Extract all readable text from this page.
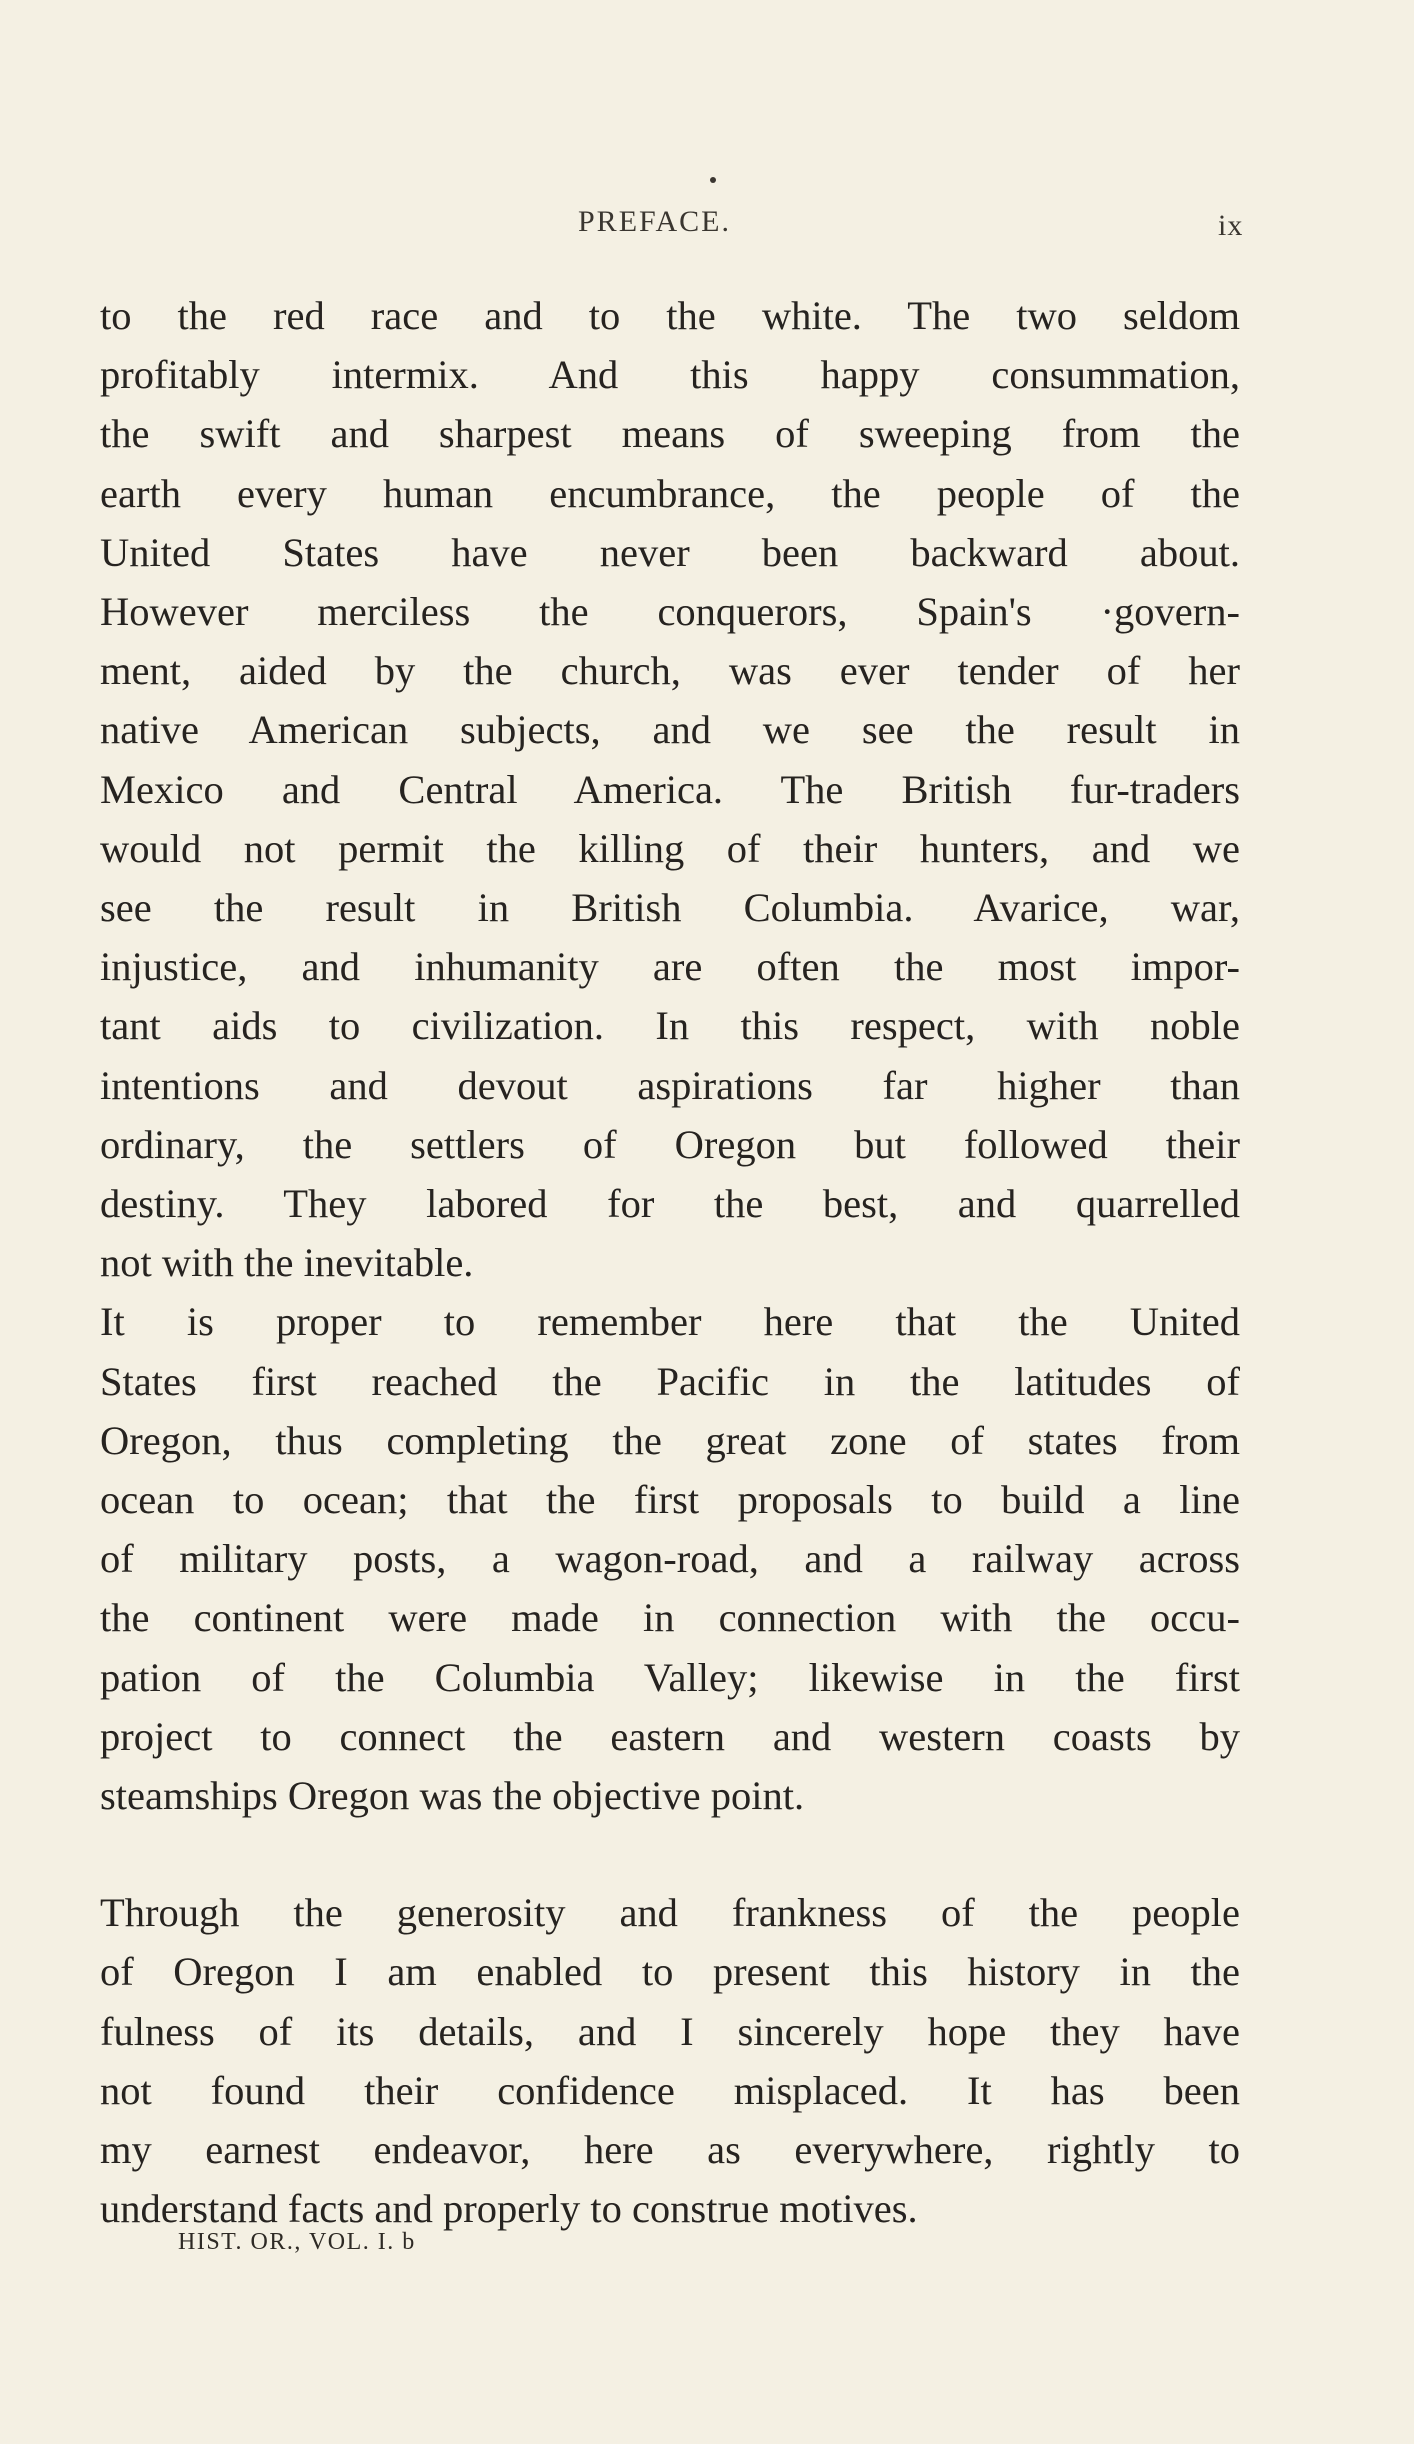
PREFACE.	ix

to the red race and to the white. The two seldom
profitably intermix. And this happy consummation,
the swift and sharpest means of sweeping from the
earth every human encumbrance, the people of the
United States have never been backward about.
However merciless the conquerors, Spain's ·govern-
ment, aided by the church, was ever tender of her
native American subjects, and we see the result in
Mexico and Central America. The British fur-traders
would not permit the killing of their hunters, and we
see the result in British Columbia. Avarice, war,
injustice, and inhumanity are often the most impor-
tant aids to civilization. In this respect, with noble
intentions and devout aspirations far higher than
ordinary, the settlers of Oregon but followed their
destiny. They labored for the best, and quarrelled
not with the inevitable.

It is proper to remember here that the United
States first reached the Pacific in the latitudes of
Oregon, thus completing the great zone of states from
ocean to ocean; that the first proposals to build a line
of military posts, a wagon-road, and a railway across
the continent were made in connection with the occu-
pation of the Columbia Valley; likewise in the first
project to connect the eastern and western coasts by
steamships Oregon was the objective point.

Through the generosity and frankness of the people
of Oregon I am enabled to present this history in the
fulness of its details, and I sincerely hope they have
not found their confidence misplaced. It has been
my earnest endeavor, here as everywhere, rightly to
understand facts and properly to construe motives.

HIST. OR., VOL. I. b
